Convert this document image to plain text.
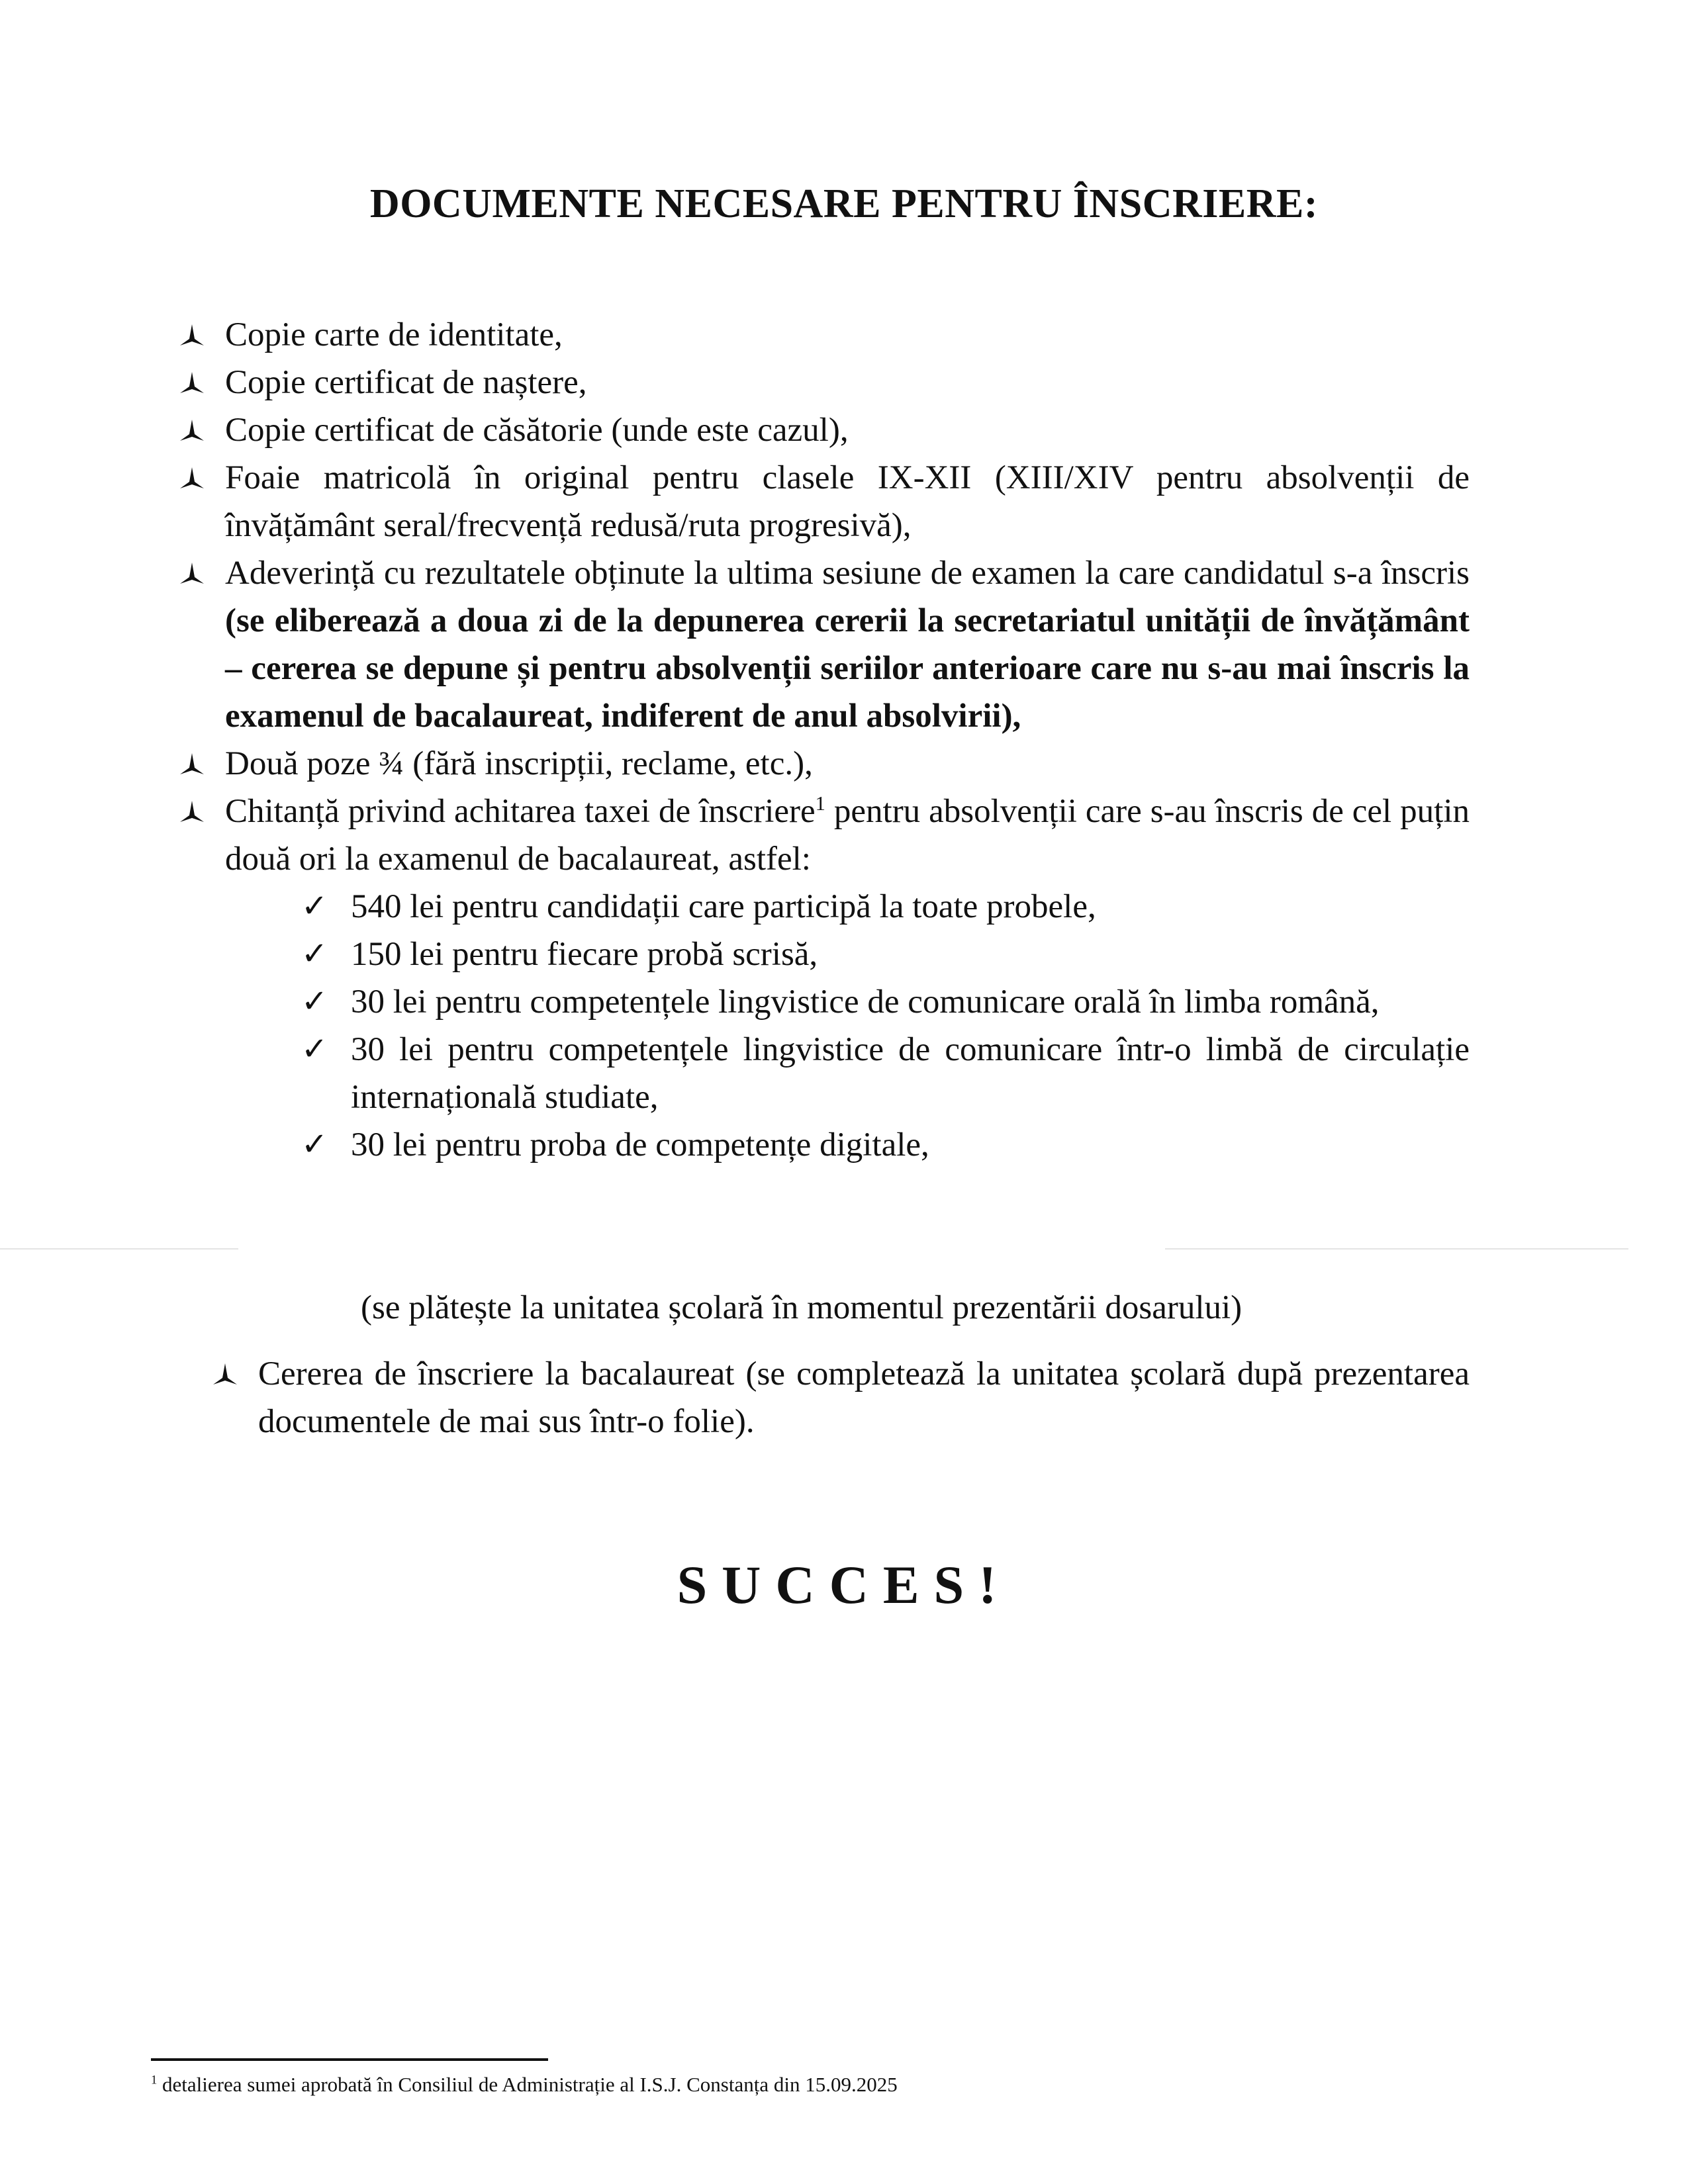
DOCUMENTE NECESARE PENTRU ÎNSCRIERE:
Copie carte de identitate,
Copie certificat de naștere,
Copie certificat de căsătorie (unde este cazul),
Foaie matricolă în original pentru clasele IX-XII (XIII/XIV pentru absolvenții de învățământ seral/frecvență redusă/ruta progresivă),
Adeverință cu rezultatele obținute la ultima sesiune de examen la care candidatul s-a înscris (se eliberează a doua zi de la depunerea cererii la secretariatul unității de învățământ – cererea se depune și pentru absolvenții seriilor anterioare care nu s-au mai înscris la examenul de bacalaureat, indiferent de anul absolvirii),
Două poze ¾ (fără inscripții, reclame, etc.),
Chitanță privind achitarea taxei de înscriere$^1$ pentru absolvenții care s-au înscris de cel puțin două ori la examenul de bacalaureat, astfel:
✓ 540 lei pentru candidații care participă la toate probele,
✓ 150 lei pentru fiecare probă scrisă,
✓ 30 lei pentru competențele lingvistice de comunicare orală în limba română,
✓ 30 lei pentru competențele lingvistice de comunicare într-o limbă de circulație internațională studiate,
✓ 30 lei pentru proba de competențe digitale,
(se plătește la unitatea școlară în momentul prezentării dosarului)
Cererea de înscriere la bacalaureat (se completează la unitatea școlară după prezentarea documentele de mai sus într-o folie).
SUCCES!
$^1$ detalierea sumei aprobată în Consiliul de Administrație al I.S.J. Constanța din 15.09.2025
